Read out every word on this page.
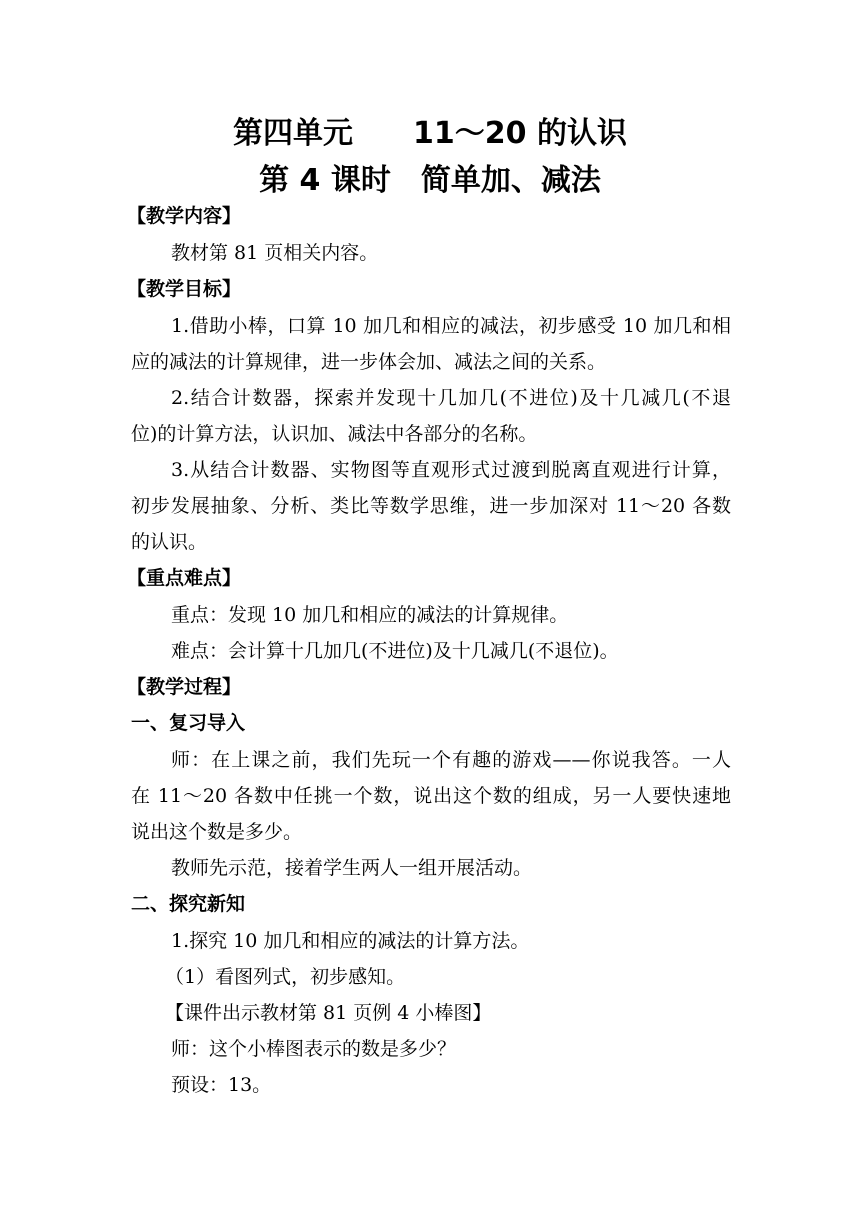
第四单元　　11～20 的认识
第 4 课时　简单加、减法
【教学内容】
教材第 81 页相关内容。
【教学目标】
1.借助小棒，口算 10 加几和相应的减法，初步感受 10 加几和相
应的减法的计算规律，进一步体会加、减法之间的关系。
2.结合计数器，探索并发现十几加几(不进位)及十几减几(不退
位)的计算方法，认识加、减法中各部分的名称。
3.从结合计数器、实物图等直观形式过渡到脱离直观进行计算，
初步发展抽象、分析、类比等数学思维，进一步加深对 11～20 各数
的认识。
【重点难点】
重点：发现 10 加几和相应的减法的计算规律。
难点：会计算十几加几(不进位)及十几减几(不退位)。
【教学过程】
一、复习导入
师：在上课之前，我们先玩一个有趣的游戏——你说我答。一人
在 11～20 各数中任挑一个数，说出这个数的组成，另一人要快速地
说出这个数是多少。
教师先示范，接着学生两人一组开展活动。
二、探究新知
1.探究 10 加几和相应的减法的计算方法。
（1）看图列式，初步感知。
【课件出示教材第 81 页例 4 小棒图】
师：这个小棒图表示的数是多少？
预设：13。
